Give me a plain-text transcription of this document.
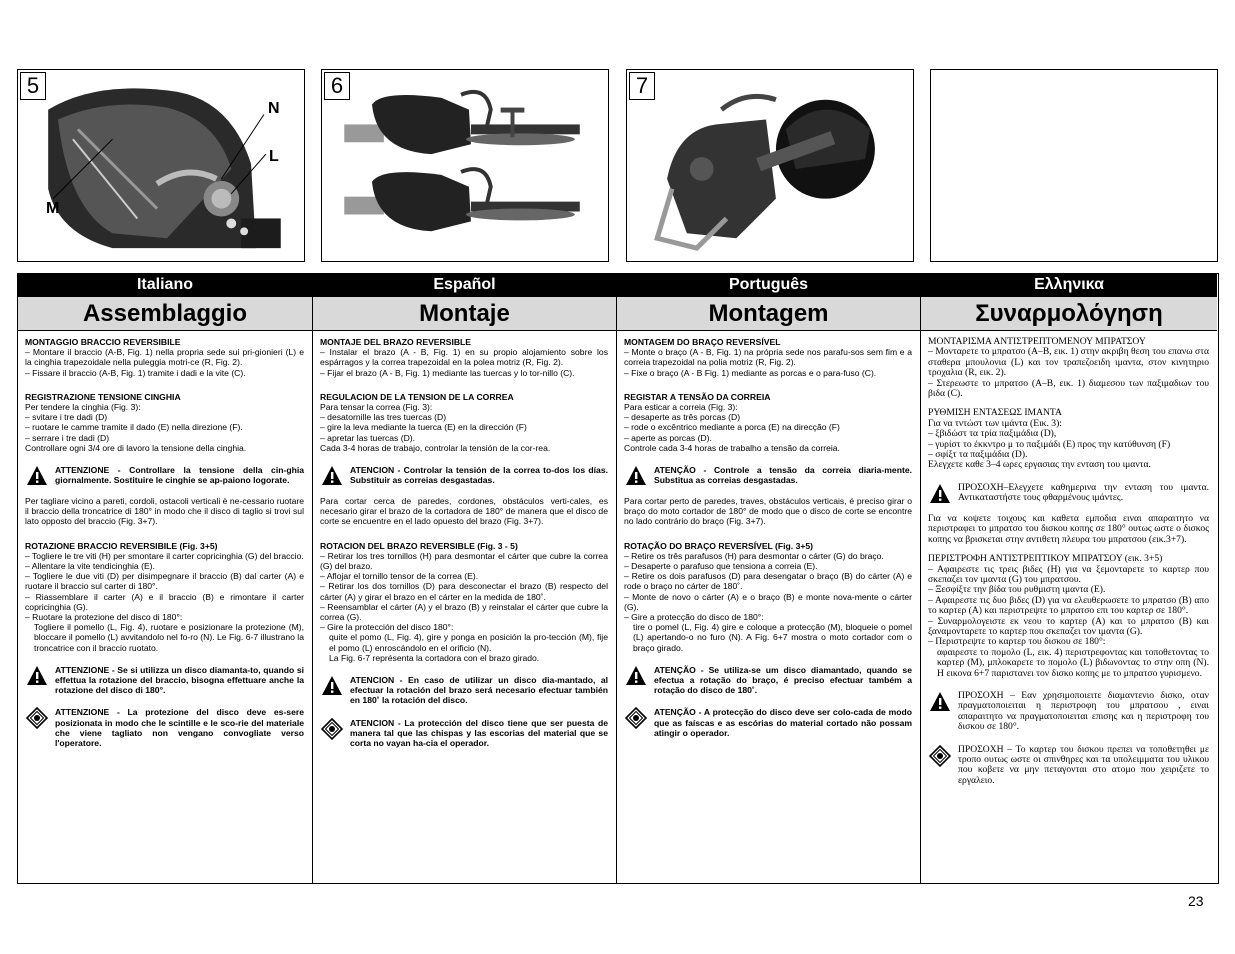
5
N
L
M
6	7
Italiano
Assemblaggio

MONTAGGIO BRACCIO REVERSIBILE

– Montare il braccio (A-B, Fig. 1) nella propria sede sui pri-gionieri (L) e la cinghia trapezoidale nella puleggia motri-ce (R, Fig. 2).

– Fissare il braccio (A-B, Fig. 1) tramite i dadi e la vite (C).

REGISTRAZIONE TENSIONE CINGHIA

Per tendere la cinghia (Fig. 3):

– svitare i tre dadi (D)

– ruotare le camme tramite il dado (E) nella direzione (F).

– serrare i tre dadi (D)

Controllare ogni 3/4 ore di lavoro la tensione della cinghia.

ATTENZIONE - Controllare la tensione della cin-ghia giornalmente. Sostituire le cinghie se ap-paiono logorate.

Per tagliare vicino a pareti, cordoli, ostacoli verticali è ne-cessario ruotare il braccio della troncatrice di 180° in modo che il disco di taglio si trovi sul lato opposto del braccio (Fig. 3+7).

ROTAZIONE BRACCIO REVERSIBILE (Fig. 3+5)

– Togliere le tre viti (H) per smontare il carter copricinghia (G) del braccio.

– Allentare la vite tendicinghia (E).

– Togliere le due viti (D) per disimpegnare il braccio (B) dal carter (A) e ruotare il braccio sul carter di 180°.

– Riassemblare il carter (A) e il braccio (B) e rimontare il carter copricinghia (G).

– Ruotare la protezione del disco di 180°:

Togliere il pomello (L, Fig. 4), ruotare e posizionare la protezione (M), bloccare il pomello (L) avvitandolo nel fo-ro (N). Le Fig. 6-7 illustrano la troncatrice con il braccio ruotato.

ATTENZIONE - Se si utilizza un disco diamanta-to, quando si effettua la rotazione del braccio, bisogna effettuare anche la rotazione del disco di 180°.

ATTENZIONE - La protezione del disco deve es-sere posizionata in modo che le scintille e le sco-rie del materiale che viene tagliato non vengano convogliate verso l'operatore.

Español
Montaje

MONTAJE DEL BRAZO REVERSIBLE

– Instalar el brazo (A - B, Fig. 1) en su propio alojamiento sobre los espárragos y la correa trapezoidal en la polea motriz (R, Fig. 2).

– Fijar el brazo (A - B, Fig. 1) mediante las tuercas y lo tor-nillo (C).

REGULACION DE LA TENSION DE LA CORREA

Para tensar la correa (Fig. 3):

– desatornille las tres tuercas (D)

– gire la leva mediante la tuerca (E) en la dirección (F)

– apretar las tuercas (D).

Cada 3-4 horas de trabajo, controlar la tensión de la cor-rea.

ATENCION - Controlar la tensión de la correa to-dos los días. Substituir as correias desgastadas.

Para cortar cerca de paredes, cordones, obstáculos verti-cales, es necesario girar el brazo de la cortadora de 180° de manera que el disco de corte se encuentre en el lado opuesto del brazo (Fig. 3+7).

ROTACION DEL BRAZO REVERSIBLE (Fig. 3 - 5)

– Retirar los tres tornillos (H) para desmontar el cárter que cubre la correa (G) del brazo.

– Aflojar el tornillo tensor de la correa (E).

– Retirar los dos tornillos (D) para desconectar el brazo (B) respecto del cárter (A) y girar el brazo en el cárter en la medida de 180˚.

– Reensamblar el cárter (A) y el brazo (B) y reinstalar el cárter que cubre la correa (G).

– Gire la protección del disco 180°:

quite el pomo (L, Fig. 4), gire y ponga en posición la pro-tección (M), fije el pomo (L) enroscándolo en el orificio (N).

La Fig. 6-7 représenta la cortadora con el brazo girado.

ATENCION - En caso de utilizar un disco dia-mantado, al efectuar la rotación del brazo será necesario efectuar también en 180˚ la rotación del disco.

ATENCION - La protección del disco tiene que ser puesta de manera tal que las chispas y las escorias del material que se corta no vayan ha-cia el operador.

Português
Montagem

MONTAGEM DO BRAÇO REVERSÍVEL

– Monte o braço (A - B, Fig. 1) na própria sede nos parafu-sos sem fim e a correia trapezoidal na polia motriz (R, Fig. 2).

– Fixe o braço (A - B Fig. 1) mediante as porcas e o para-fuso (C).

REGISTAR A TENSÃO DA CORREIA

Para esticar a correia (Fig. 3):

– desaperte as três porcas (D)

– rode o excêntrico mediante a porca (E) na direcção (F)

– aperte as porcas (D).

Controle cada 3-4 horas de trabalho a tensão da correia.

ATENÇÃO - Controle a tensão da correia diaria-mente. Substitua as correias desgastadas.

Para cortar perto de paredes, traves, obstáculos verticais, é preciso girar o braço do moto cortador de 180° de modo que o disco de corte se encontre no lado contrário do braço (Fig. 3+7).

ROTAÇÃO DO BRAÇO REVERSÍVEL (Fig. 3+5)

– Retire os três parafusos (H) para desmontar o cárter (G) do braço.

– Desaperte o parafuso que tensiona a correia (E).

– Retire os dois parafusos (D) para desengatar o braço (B) do cárter (A) e rode o braço no cárter de 180˚.

– Monte de novo o cárter (A) e o braço (B) e monte nova-mente o cárter (G).

– Gire a protecção do disco de 180°:

tire o pomel (L, Fig. 4) gire e coloque a protecção (M), bloqueie o pomel (L) apertando-o no furo (N). A Fig. 6+7 mostra o moto cortador com o braço girado.

ATENÇÃO - Se utiliza-se um disco diamantado, quando se efectua a rotação do braço, é preciso efectuar também a rotação do disco de 180˚.

ATENÇÃO - A protecção do disco deve ser colo-cada de modo que as faíscas e as escórias do material cortado não possam atingir o operador.

Ελληνικα
Συναρμολόγηση

ΜΟΝΤΑΡΙΣΜΑ ΑΝΤΙΣΤΡΕΠΤΟΜΕΝΟΥ ΜΠΡΑΤΣΟΥ

– Μονταρετε το μπρατσο (Α–Β, εικ. 1) στην ακριβη θεση του επανω στα σταθερα μπουλονια (L) και τον τραπεζοειδη ιμαντα, στον κινητηριο τροχαλια (R, εικ. 2).

– Στερεωστε το μπρατσο (Α–Β, εικ. 1) διαμεσου των παξιμαδιων του βιδα (C).

ΡΥΘΜΙΣΗ ΕΝΤΑΣΕΩΣ ΙΜΑΝΤΑ

Για να τντώστ των ιμάντα (Εικ. 3):

– ξβιδώστ τα τρία παξιμάδια (D),

– γυρίστ το έκκντρο μ το παξιμάδι (E) προς την κατύθυνση (F)

– σφίξτ τα παξιμάδια (D).

Ελεγχετε καθε 3–4 ωρες εργασιας την ενταση του ιμαντα.

ΠΡΟΣΟΧΗ–Ελεγχετε καθημερινα την ενταση του ιμαντα. Αντικαταστήστε τους φθαρμένους ιμάντες.

Για να κοψετε τοιχους και καθετα εμποδια ειναι απαραιτητο να περιστραφει το μπρατσο του δισκου κοπης σε 180° ουτως ωστε ο δισκος κοπης να βρισκεται στην αντιθετη πλευρα του μπρατσου (εικ.3+7).

ΠΕΡΙΣΤΡΟΦΗ ΑΝΤΙΣΤΡΕΠΤΙΚΟΥ ΜΠΡΑΤΣΟΥ (εικ. 3+5)

– Αφαιρεστε τις τρεις βιδες (H) για να ξεμονταρετε το καρτερ που σκεπαζει τον ιμαντα (G) του μπρατσου.

– Ξεσφίξτε την βίδα του ρυθμιστη ιμαντα (E).

– Αφαιρεστε τις δυο βιδες (D) για να ελευθερωσετε το μπρατσο (B) απο το καρτερ (A) και περιστρεψτε το μπρατσο επι του καρτερ σε 180°.

– Συναρμολογειστε εκ νεου το καρτερ (A) και το μπρατσο (B) και ξαναμονταρετε το καρτερ που σκεπαζει τον ιμαντα (G).

– Περιστρεψτε το καρτερ του δισκου σε 180°:

αφαιρεστε το πομολο (L, εικ. 4) περιστρεφοντας και τοποθετοντας το καρτερ (M), μπλοκαρετε το πομολο (L) βιδωνοντας το στην οπη (N). Η εικονα 6+7 παριστανει τον δισκο κοπης με το μπρατσο γυρισμενο.

ΠΡΟΣΟΧΗ – Εαν χρησιμοποιειτε διαμαντενιο δισκο, οταν πραγματοποιειται η περιστροφη του μπρατσου , ειναι απαραιτητο να πραγματοποιειται επισης και η περιστροφη του δισκου σε 180°.

ΠΡΟΣΟΧΗ – Το καρτερ του δισκου πρεπει να τοποθετηθει με τροπο ουτως ωστε οι σπινθηρες και τα υπολειμματα του υλικου που κοβετε να μην πεταγονται στο ατομο που χειριζετε το εργαλειο.

23
